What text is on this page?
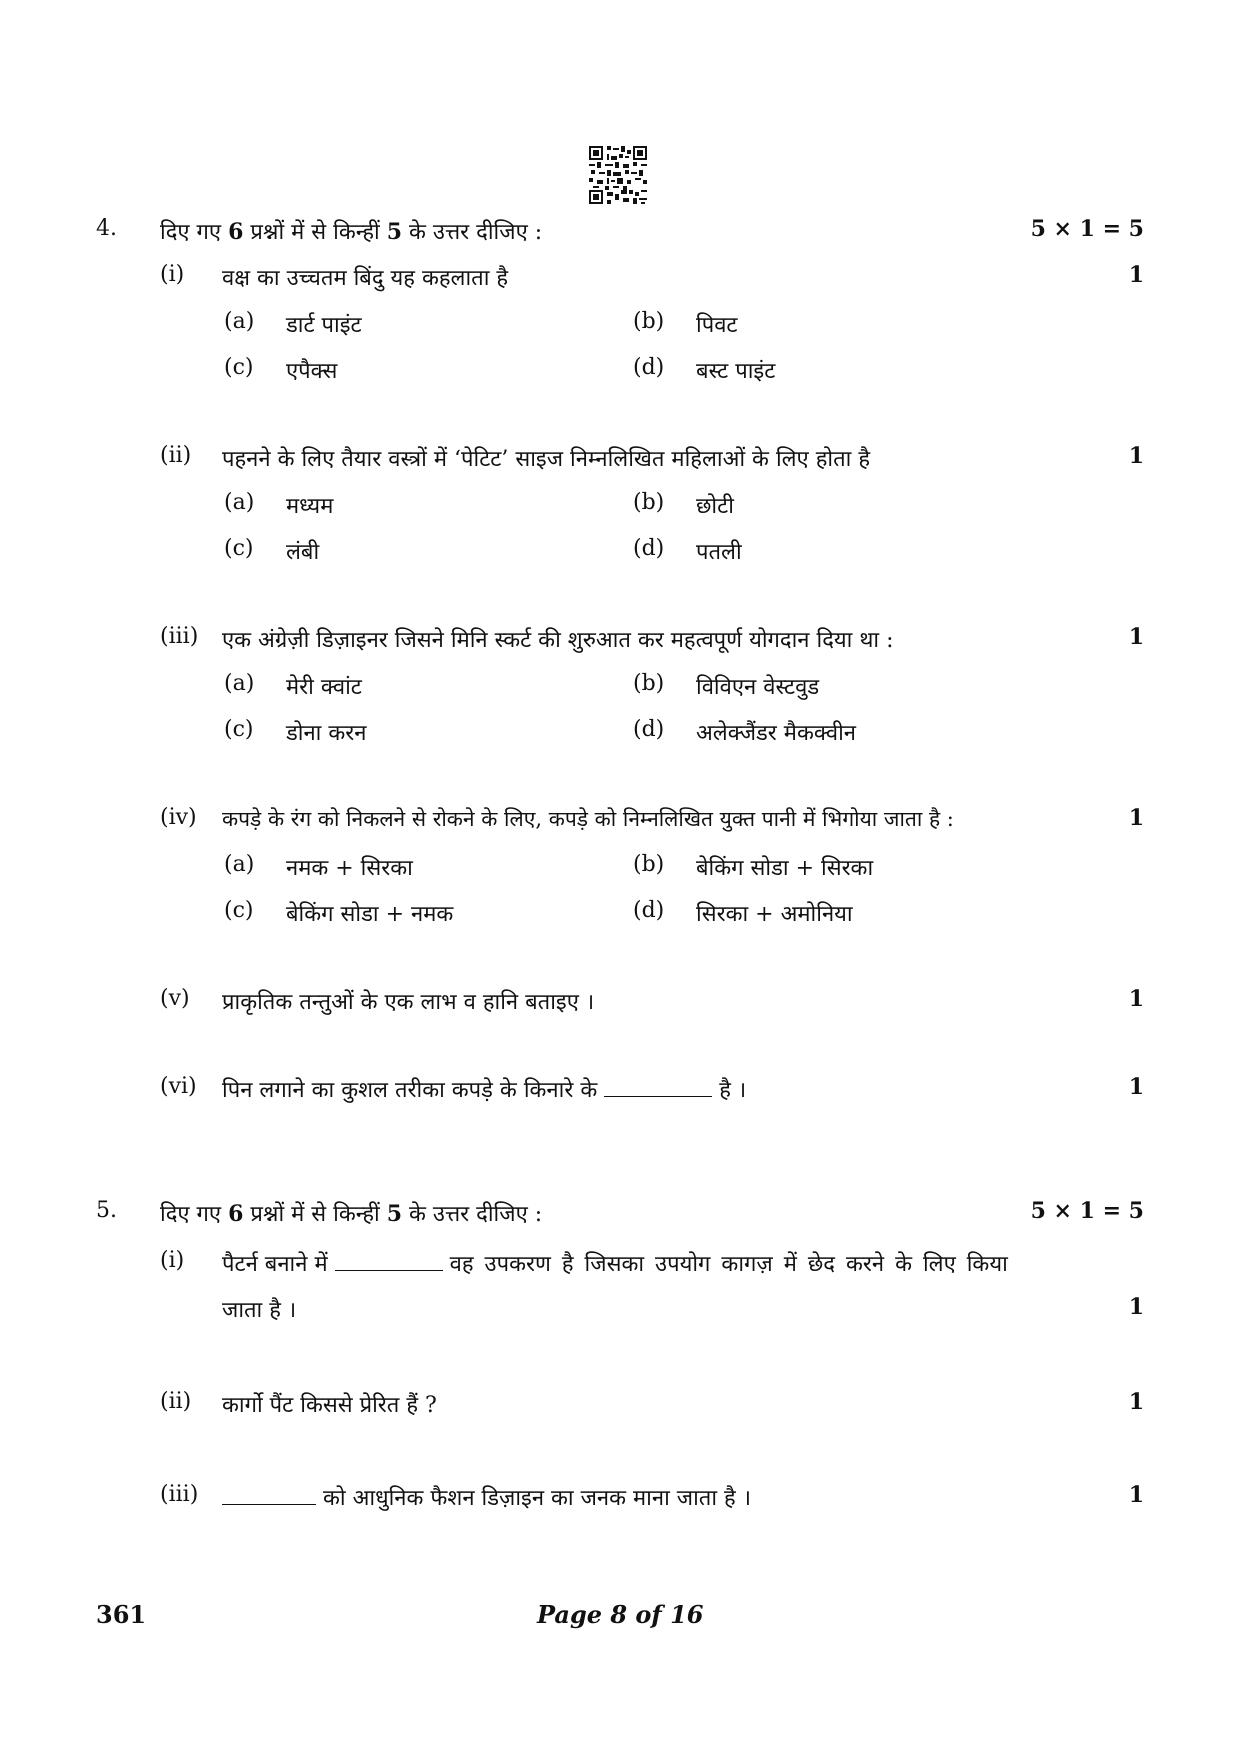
4. दिए गए 6 प्रश्नों में से किन्हीं 5 के उत्तर दीजिए :	5 × 1 = 5
(i) वक्ष का उच्चतम बिंदु यह कहलाता है	1
(a) डार्ट पाइंट	(b) पिवट
(c) एपैक्स	(d) बस्ट पाइंट
(ii) पहनने के लिए तैयार वस्त्रों में ‘पेटिट’ साइज निम्नलिखित महिलाओं के लिए होता है	1
(a) मध्यम	(b) छोटी
(c) लंबी	(d) पतली
(iii) एक अंग्रेज़ी डिज़ाइनर जिसने मिनि स्कर्ट की शुरुआत कर महत्वपूर्ण योगदान दिया था :	1
(a) मेरी क्वांट	(b) विविएन वेस्टवुड
(c) डोना करन	(d) अलेक्जैंडर मैकक्वीन
(iv) कपड़े के रंग को निकलने से रोकने के लिए, कपड़े को निम्नलिखित युक्त पानी में भिगोया जाता है :	1
(a) नमक + सिरका	(b) बेकिंग सोडा + सिरका
(c) बेकिंग सोडा + नमक	(d) सिरका + अमोनिया
(v) प्राकृतिक तन्तुओं के एक लाभ व हानि बताइए ।	1
(vi) पिन लगाने का कुशल तरीका कपड़े के किनारे के	है ।	1
5. दिए गए 6 प्रश्नों में से किन्हीं 5 के उत्तर दीजिए :	5 × 1 = 5
(i) पैटर्न बनाने में	वह उपकरण है जिसका उपयोग कागज़ में छेद करने के लिए किया
जाता है ।	1
(ii) कार्गो पैंट किससे प्रेरित हैं ?	1
(iii)	को आधुनिक फैशन डिज़ाइन का जनक माना जाता है ।	1
361	Page 8 of 16
